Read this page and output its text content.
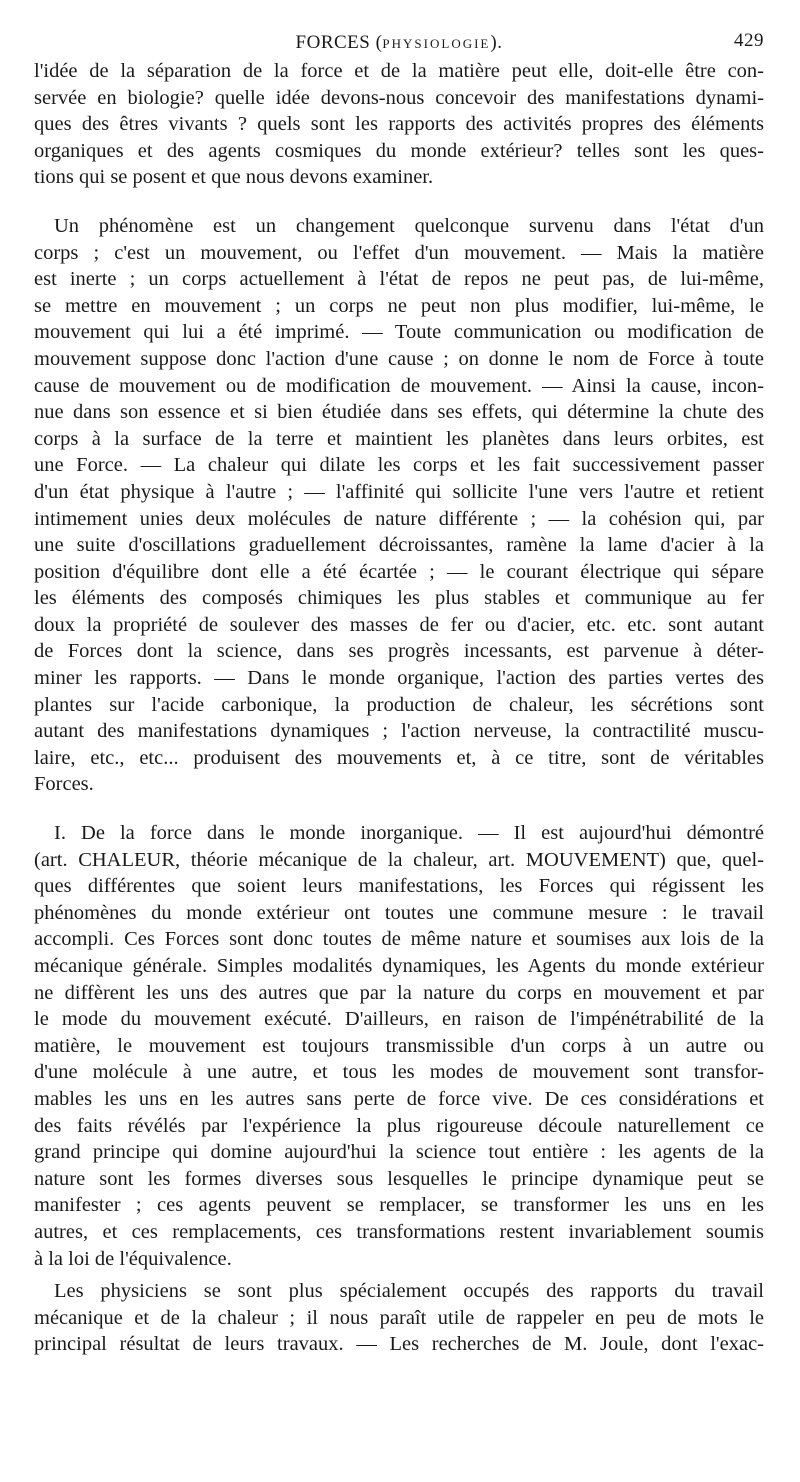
FORCES (PHYSIOLOGIE).	429
l'idée de la séparation de la force et de la matière peut elle, doit-elle être con-
servée en biologie? quelle idée devons-nous concevoir des manifestations dynami-
ques des êtres vivants ? quels sont les rapports des activités propres des éléments
organiques et des agents cosmiques du monde extérieur? telles sont les ques-
tions qui se posent et que nous devons examiner.
Un phénomène est un changement quelconque survenu dans l'état d'un
corps ; c'est un mouvement, ou l'effet d'un mouvement. — Mais la matière
est inerte ; un corps actuellement à l'état de repos ne peut pas, de lui-même,
se mettre en mouvement ; un corps ne peut non plus modifier, lui-même, le
mouvement qui lui a été imprimé. — Toute communication ou modification de
mouvement suppose donc l'action d'une cause ; on donne le nom de Force à toute
cause de mouvement ou de modification de mouvement. — Ainsi la cause, incon-
nue dans son essence et si bien étudiée dans ses effets, qui détermine la chute des
corps à la surface de la terre et maintient les planètes dans leurs orbites, est
une Force. — La chaleur qui dilate les corps et les fait successivement passer
d'un état physique à l'autre ; — l'affinité qui sollicite l'une vers l'autre et retient
intimement unies deux molécules de nature différente ; — la cohésion qui, par
une suite d'oscillations graduellement décroissantes, ramène la lame d'acier à la
position d'équilibre dont elle a été écartée ; — le courant électrique qui sépare
les éléments des composés chimiques les plus stables et communique au fer
doux la propriété de soulever des masses de fer ou d'acier, etc. etc. sont autant
de Forces dont la science, dans ses progrès incessants, est parvenue à déter-
miner les rapports. — Dans le monde organique, l'action des parties vertes des
plantes sur l'acide carbonique, la production de chaleur, les sécrétions sont
autant des manifestations dynamiques ; l'action nerveuse, la contractilité muscu-
laire, etc., etc... produisent des mouvements et, à ce titre, sont de véritables
Forces.
I. De la force dans le monde inorganique. — Il est aujourd'hui démontré
(art. CHALEUR, théorie mécanique de la chaleur, art. MOUVEMENT) que, quel-
ques différentes que soient leurs manifestations, les Forces qui régissent les
phénomènes du monde extérieur ont toutes une commune mesure : le travail
accompli. Ces Forces sont donc toutes de même nature et soumises aux lois de la
mécanique générale. Simples modalités dynamiques, les Agents du monde extérieur
ne diffèrent les uns des autres que par la nature du corps en mouvement et par
le mode du mouvement exécuté. D'ailleurs, en raison de l'impénétrabilité de la
matière, le mouvement est toujours transmissible d'un corps à un autre ou
d'une molécule à une autre, et tous les modes de mouvement sont transfor-
mables les uns en les autres sans perte de force vive. De ces considérations et
des faits révélés par l'expérience la plus rigoureuse découle naturellement ce
grand principe qui domine aujourd'hui la science tout entière : les agents de la
nature sont les formes diverses sous lesquelles le principe dynamique peut se
manifester ; ces agents peuvent se remplacer, se transformer les uns en les
autres, et ces remplacements, ces transformations restent invariablement soumis
à la loi de l'équivalence.
Les physiciens se sont plus spécialement occupés des rapports du travail
mécanique et de la chaleur ; il nous paraît utile de rappeler en peu de mots le
principal résultat de leurs travaux. — Les recherches de M. Joule, dont l'exac-
